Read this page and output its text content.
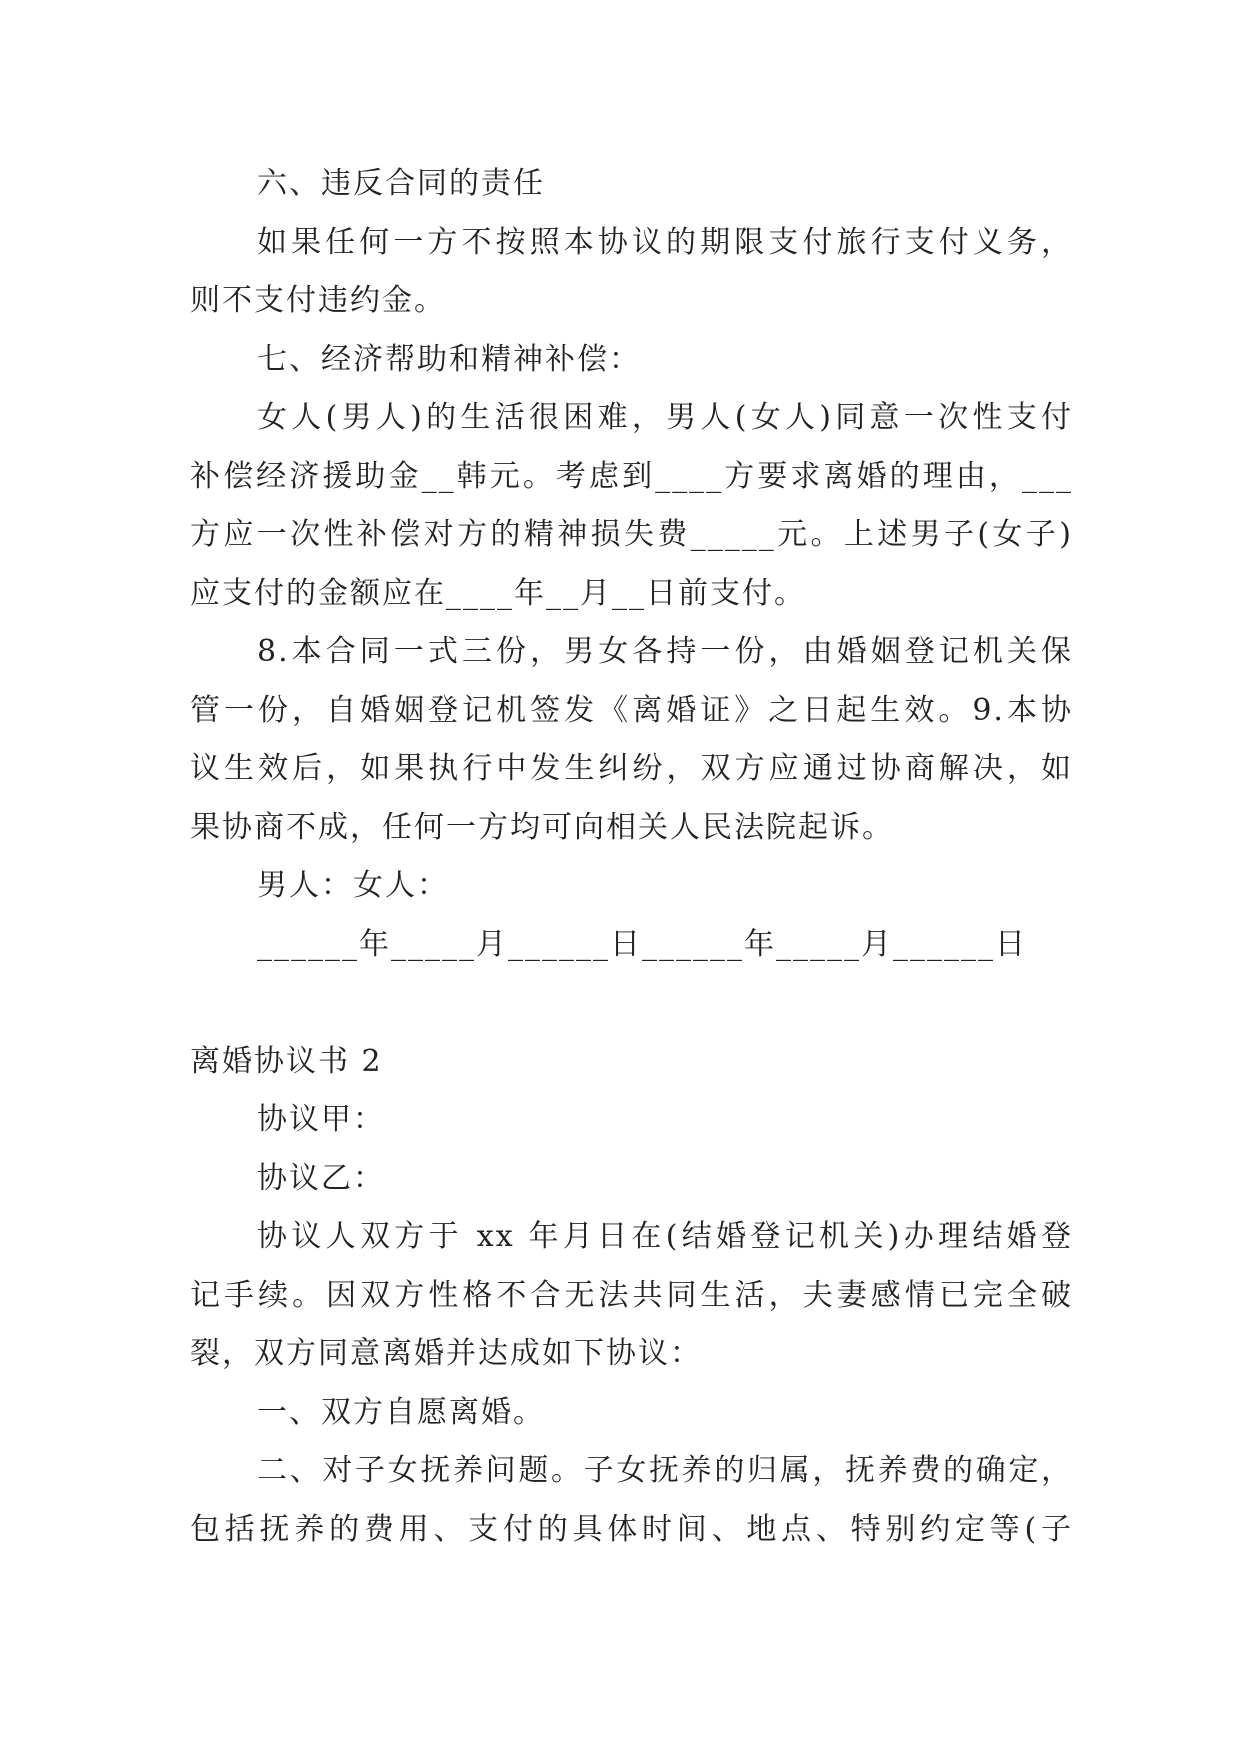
六、违反合同的责任
如果任何一方不按照本协议的期限支付旅行支付义务，
则不支付违约金。
七、经济帮助和精神补偿：
女人(男人)的生活很困难，男人(女人)同意一次性支付
补偿经济援助金__韩元。考虑到____方要求离婚的理由，___
方应一次性补偿对方的精神损失费_____元。上述男子(女子)
应支付的金额应在____年__月__日前支付。
8.本合同一式三份，男女各持一份，由婚姻登记机关保
管一份，自婚姻登记机签发《离婚证》之日起生效。9.本协
议生效后，如果执行中发生纠纷，双方应通过协商解决，如
果协商不成，任何一方均可向相关人民法院起诉。
男人：女人：
______年_____月______日______年_____月______日
离婚协议书 2
协议甲：
协议乙：
协议人双方于 xx 年月日在(结婚登记机关)办理结婚登
记手续。因双方性格不合无法共同生活，夫妻感情已完全破
裂，双方同意离婚并达成如下协议：
一、双方自愿离婚。
二、对子女抚养问题。子女抚养的归属，抚养费的确定，
包括抚养的费用、支付的具体时间、地点、特别约定等(子
